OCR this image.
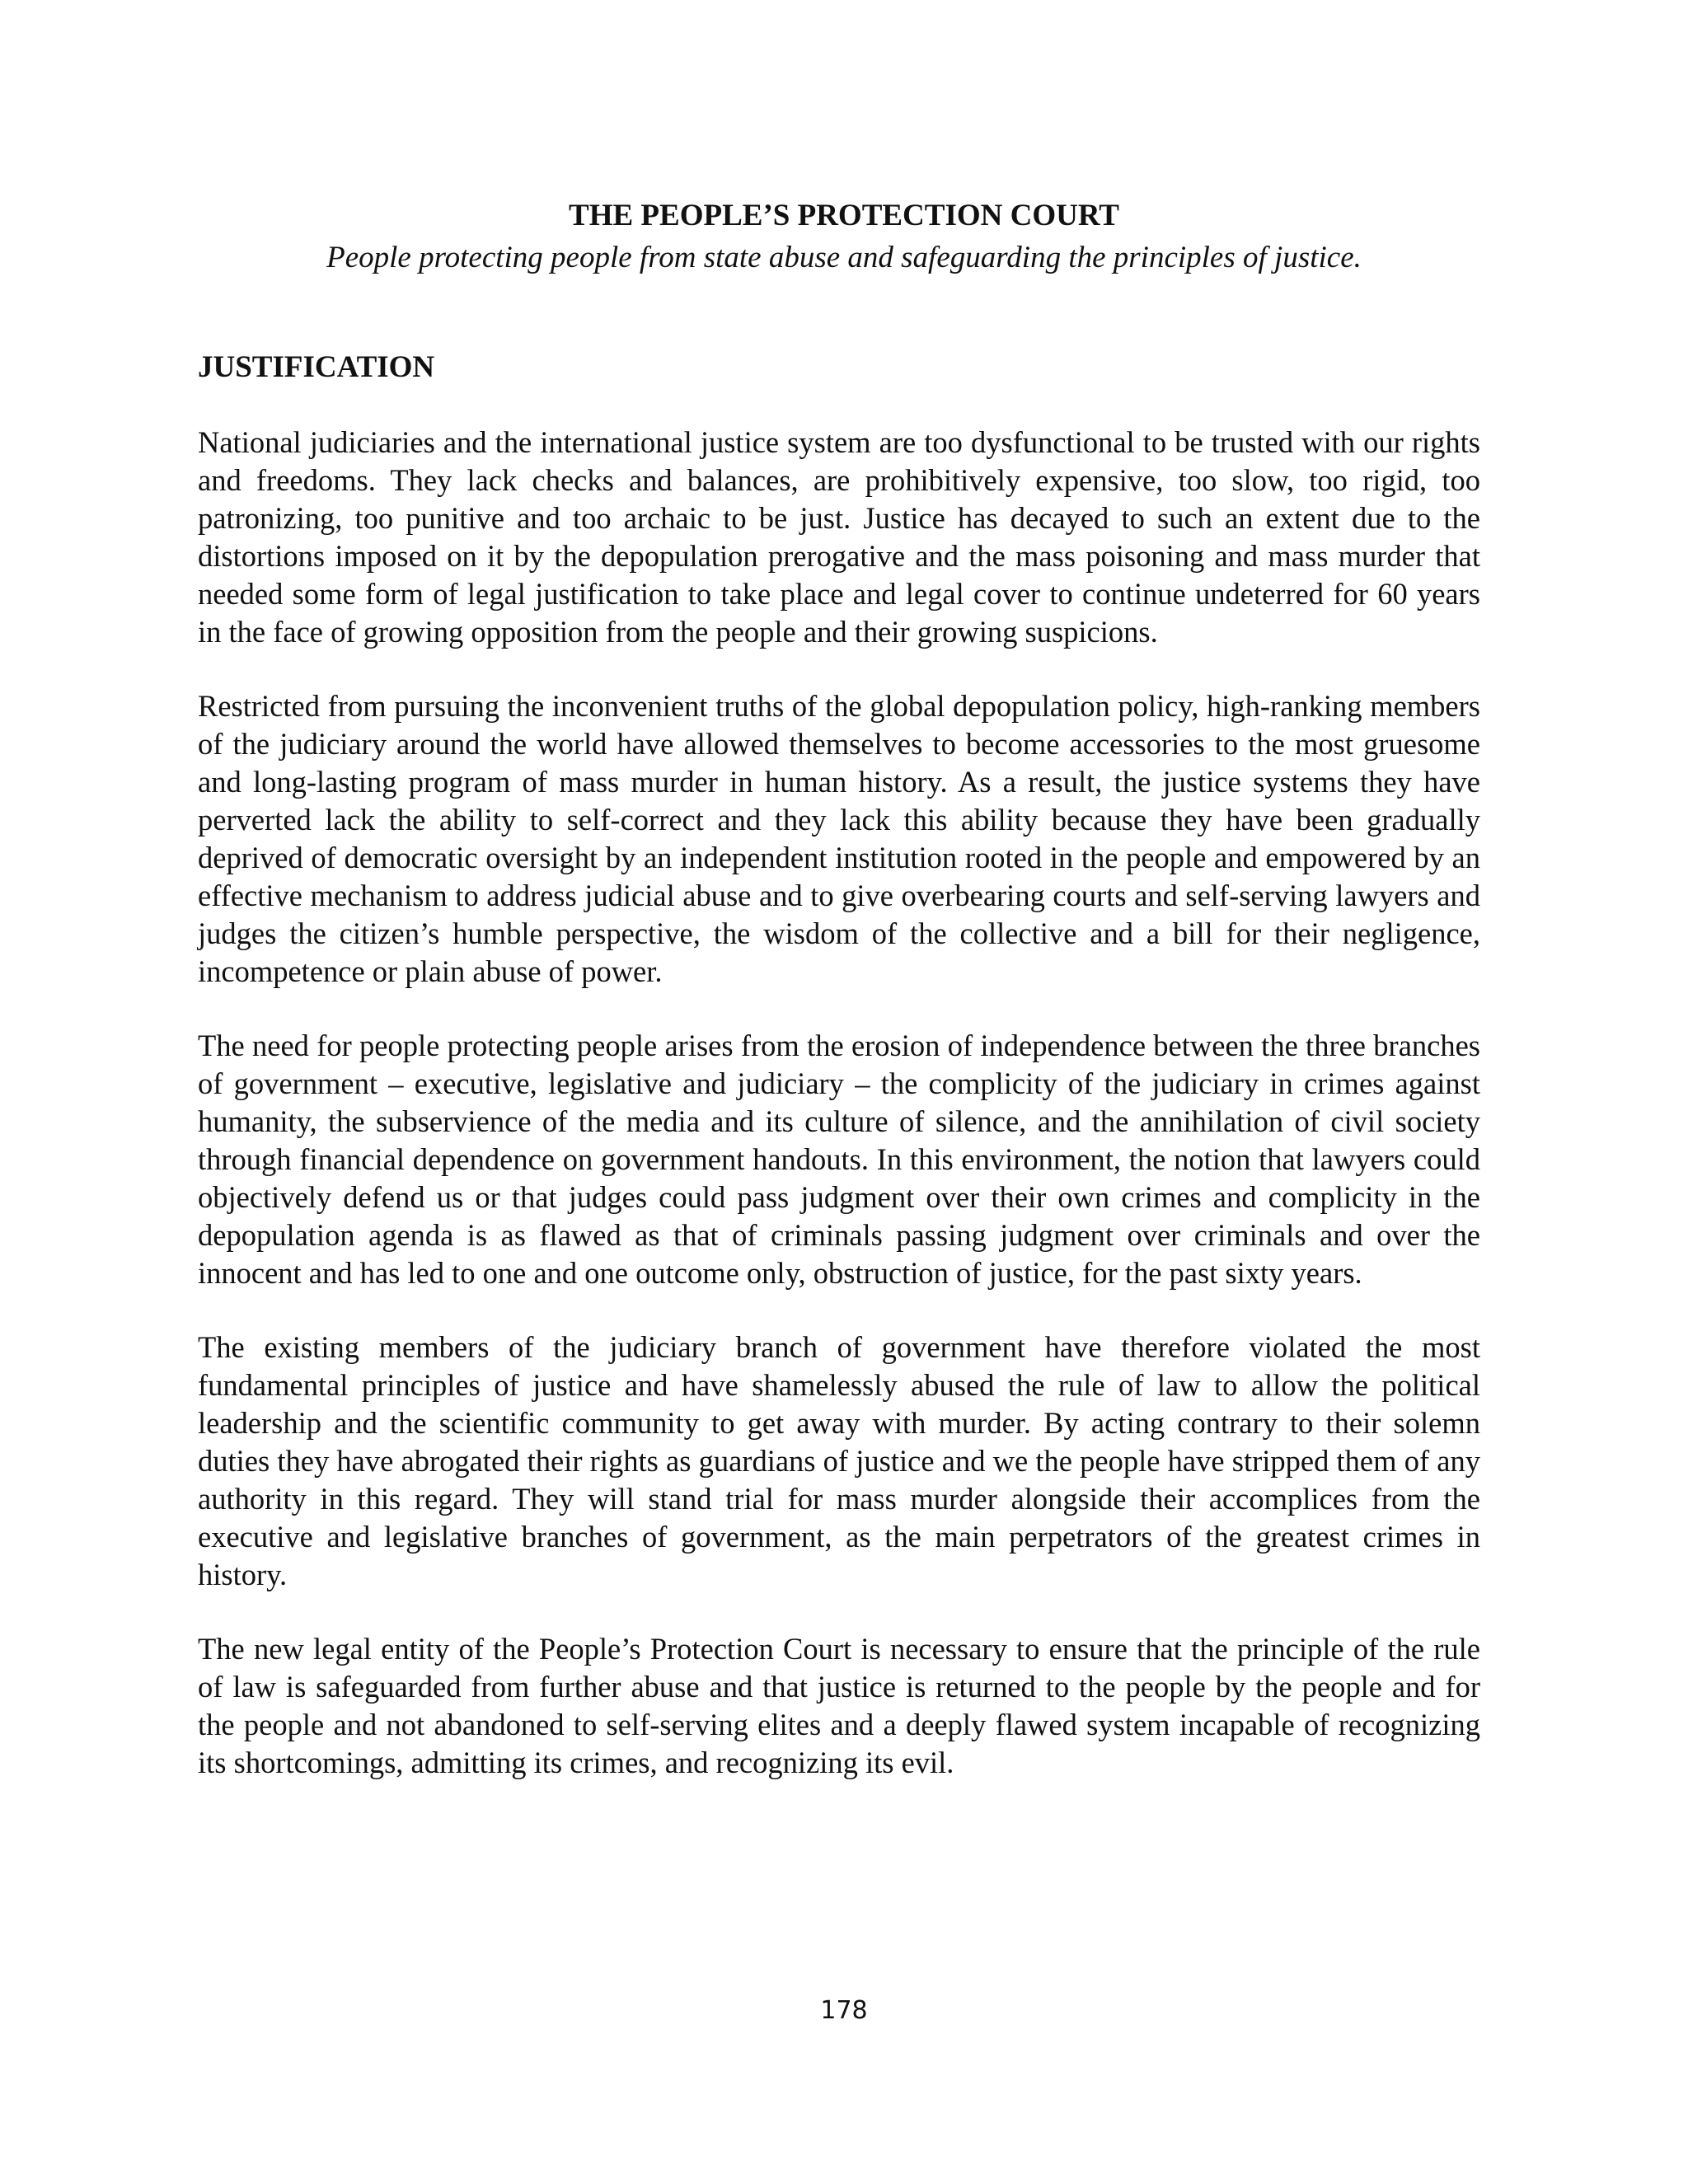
THE PEOPLE’S PROTECTION COURT

People protecting people from state abuse and safeguarding the principles of justice.

JUSTIFICATION

National judiciaries and the international justice system are too dysfunctional to be trusted with our rights and freedoms. They lack checks and balances, are prohibitively expensive, too slow, too rigid, too patronizing, too punitive and too archaic to be just. Justice has decayed to such an extent due to the distortions imposed on it by the depopulation prerogative and the mass poisoning and mass murder that needed some form of legal justification to take place and legal cover to continue undeterred for 60 years in the face of growing opposition from the people and their growing suspicions.

Restricted from pursuing the inconvenient truths of the global depopulation policy, high-ranking members of the judiciary around the world have allowed themselves to become accessories to the most gruesome and long-lasting program of mass murder in human history. As a result, the justice systems they have perverted lack the ability to self-correct and they lack this ability because they have been gradually deprived of democratic oversight by an independent institution rooted in the people and empowered by an effective mechanism to address judicial abuse and to give overbearing courts and self-serving lawyers and judges the citizen’s humble perspective, the wisdom of the collective and a bill for their negligence, incompetence or plain abuse of power.

The need for people protecting people arises from the erosion of independence between the three branches of government – executive, legislative and judiciary – the complicity of the judiciary in crimes against humanity, the subservience of the media and its culture of silence, and the annihilation of civil society through financial dependence on government handouts. In this environment, the notion that lawyers could objectively defend us or that judges could pass judgment over their own crimes and complicity in the depopulation agenda is as flawed as that of criminals passing judgment over criminals and over the innocent and has led to one and one outcome only, obstruction of justice, for the past sixty years.

The existing members of the judiciary branch of government have therefore violated the most fundamental principles of justice and have shamelessly abused the rule of law to allow the political leadership and the scientific community to get away with murder. By acting contrary to their solemn duties they have abrogated their rights as guardians of justice and we the people have stripped them of any authority in this regard. They will stand trial for mass murder alongside their accomplices from the executive and legislative branches of government, as the main perpetrators of the greatest crimes in history.

The new legal entity of the People’s Protection Court is necessary to ensure that the principle of the rule of law is safeguarded from further abuse and that justice is returned to the people by the people and for the people and not abandoned to self-serving elites and a deeply flawed system incapable of recognizing its shortcomings, admitting its crimes, and recognizing its evil.

178
